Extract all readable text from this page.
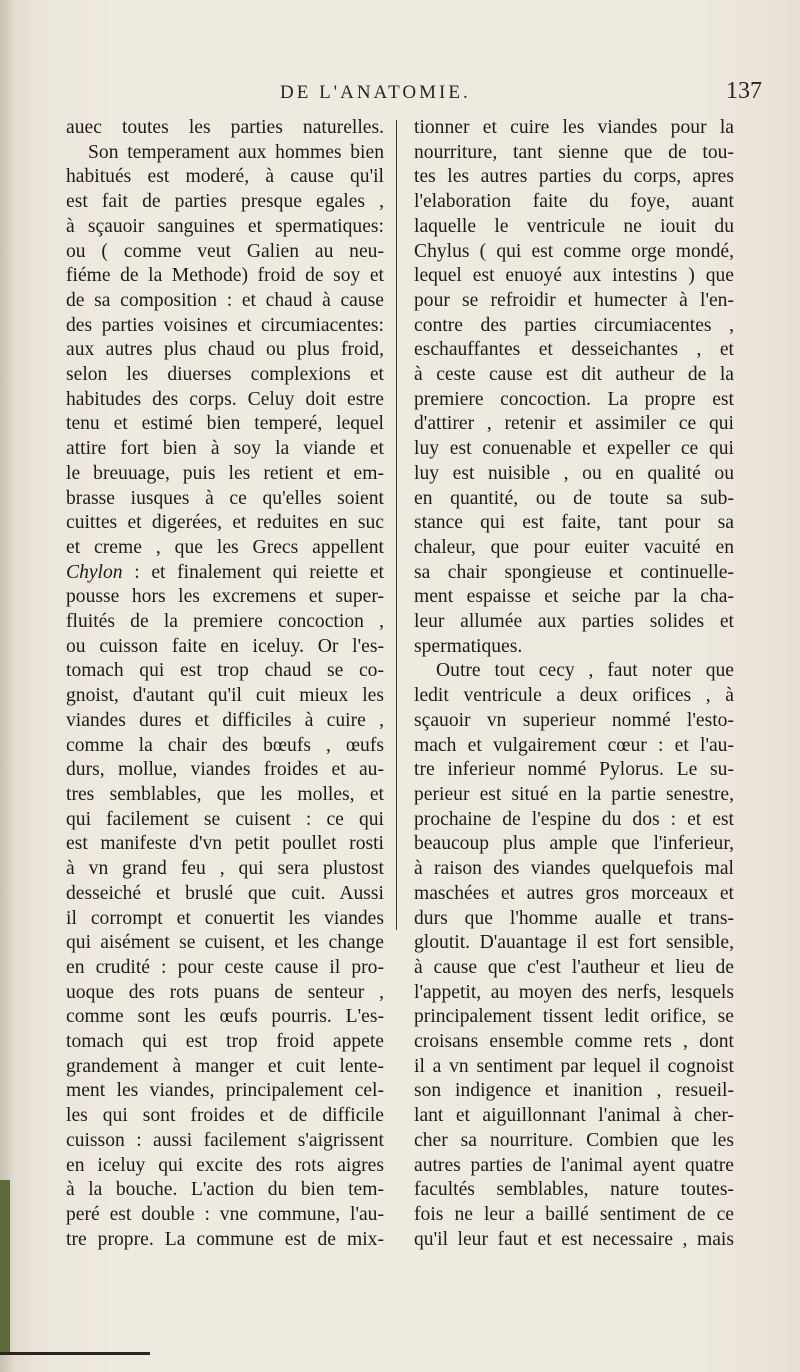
DE L'ANATOMIE.	137
auec toutes les parties naturelles.
Son temperament aux hommes bien
habitués est moderé, à cause qu'il
est fait de parties presque egales ,
à sçauoir sanguines et spermatiques:
ou ( comme veut Galien au neu-
fiéme de la Methode) froid de soy et
de sa composition : et chaud à cause
des parties voisines et circumiacentes:
aux autres plus chaud ou plus froid,
selon les diuerses complexions et
habitudes des corps. Celuy doit estre
tenu et estimé bien temperé, lequel
attire fort bien à soy la viande et
le breuuage, puis les retient et em-
brasse iusques à ce qu'elles soient
cuittes et digerées, et reduites en suc
et creme , que les Grecs appellent
Chylon : et finalement qui reiette et
pousse hors les excremens et super-
fluités de la premiere concoction ,
ou cuisson faite en iceluy. Or l'es-
tomach qui est trop chaud se co-
gnoist, d'autant qu'il cuit mieux les
viandes dures et difficiles à cuire ,
comme la chair des bœufs , œufs
durs, mollue, viandes froides et au-
tres semblables, que les molles, et
qui facilement se cuisent : ce qui
est manifeste d'vn petit poullet rosti
à vn grand feu , qui sera plustost
desseiché et bruslé que cuit. Aussi
il corrompt et conuertit les viandes
qui aisément se cuisent, et les change
en crudité : pour ceste cause il pro-
uoque des rots puans de senteur ,
comme sont les œufs pourris. L'es-
tomach qui est trop froid appete
grandement à manger et cuit lente-
ment les viandes, principalement cel-
les qui sont froides et de difficile
cuisson : aussi facilement s'aigrissent
en iceluy qui excite des rots aigres
à la bouche. L'action du bien tem-
peré est double : vne commune, l'au-
tre propre. La commune est de mix-
tionner et cuire les viandes pour la
nourriture, tant sienne que de tou-
tes les autres parties du corps, apres
l'elaboration faite du foye, auant
laquelle le ventricule ne iouit du
Chylus ( qui est comme orge mondé,
lequel est enuoyé aux intestins ) que
pour se refroidir et humecter à l'en-
contre des parties circumiacentes ,
eschauffantes et desseichantes , et
à ceste cause est dit autheur de la
premiere concoction. La propre est
d'attirer , retenir et assimiler ce qui
luy est conuenable et expeller ce qui
luy est nuisible , ou en qualité ou
en quantité, ou de toute sa sub-
stance qui est faite, tant pour sa
chaleur, que pour euiter vacuité en
sa chair spongieuse et continuelle-
ment espaisse et seiche par la cha-
leur allumée aux parties solides et
spermatiques.
Outre tout cecy , faut noter que
ledit ventricule a deux orifices , à
sçauoir vn superieur nommé l'esto-
mach et vulgairement cœur : et l'au-
tre inferieur nommé Pylorus. Le su-
perieur est situé en la partie senestre,
prochaine de l'espine du dos : et est
beaucoup plus ample que l'inferieur,
à raison des viandes quelquefois mal
maschées et autres gros morceaux et
durs que l'homme aualle et trans-
gloutit. D'auantage il est fort sensible,
à cause que c'est l'autheur et lieu de
l'appetit, au moyen des nerfs, lesquels
principalement tissent ledit orifice, se
croisans ensemble comme rets , dont
il a vn sentiment par lequel il cognoist
son indigence et inanition , resueil-
lant et aiguillonnant l'animal à cher-
cher sa nourriture. Combien que les
autres parties de l'animal ayent quatre
facultés semblables, nature toutes-
fois ne leur a baillé sentiment de ce
qu'il leur faut et est necessaire , mais
